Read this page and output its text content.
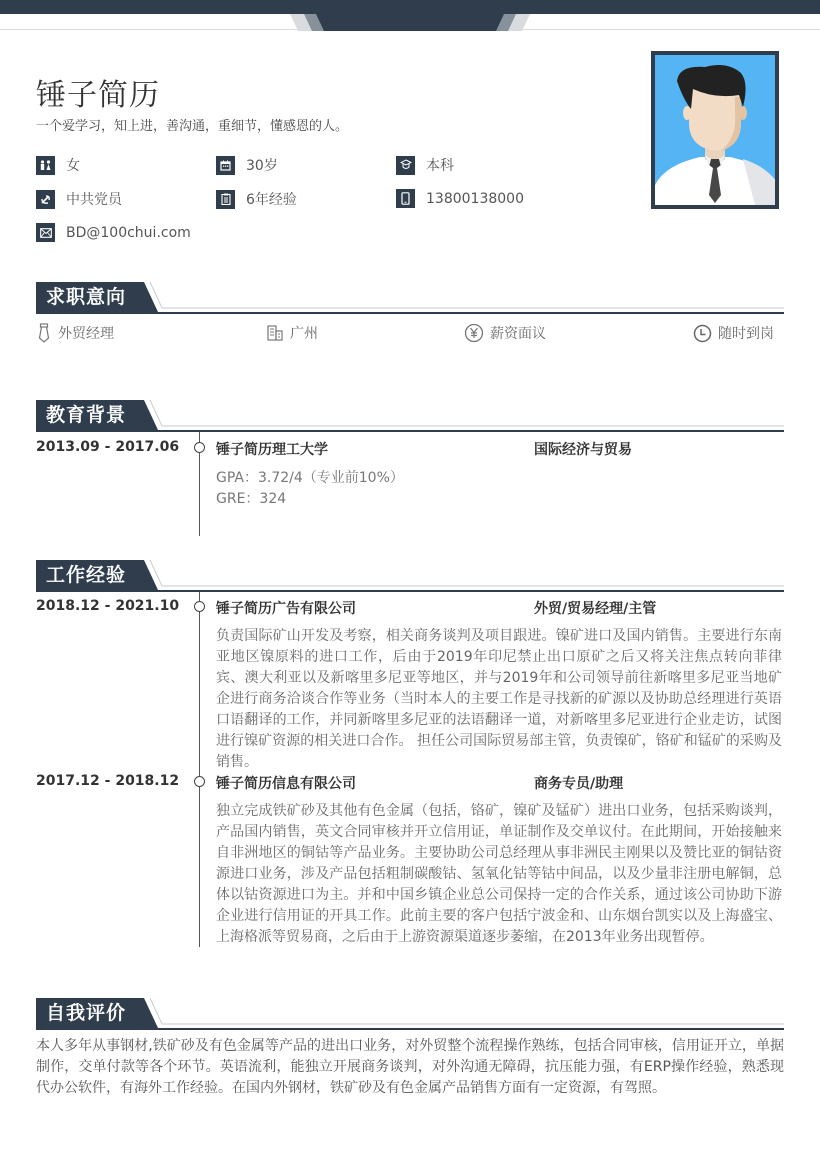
锤子简历
一个爱学习，知上进，善沟通，重细节，懂感恩的人。
女	30岁	本科
中共党员	6年经验	13800138000
BD@100chui.com
求职意向
外贸经理	广州	薪资面议	随时到岗
教育背景
2013.09 - 2017.06	锤子简历理工大学	国际经济与贸易
GPA：3.72/4（专业前10%）
GRE：324
工作经验
2018.12 - 2021.10	锤子简历广告有限公司	外贸/贸易经理/主管
负责国际矿山开发及考察，相关商务谈判及项目跟进。镍矿进口及国内销售。主要进行东南亚地区镍原料的进口工作，后由于2019年印尼禁止出口原矿之后又将关注焦点转向菲律宾、澳大利亚以及新喀里多尼亚等地区，并与2019年和公司领导前往新喀里多尼亚当地矿企进行商务洽谈合作等业务（当时本人的主要工作是寻找新的矿源以及协助总经理进行英语口语翻译的工作，并同新喀里多尼亚的法语翻译一道，对新喀里多尼亚进行企业走访，试图进行镍矿资源的相关进口合作。 担任公司国际贸易部主管，负责镍矿，铬矿和锰矿的采购及销售。
2017.12 - 2018.12	锤子简历信息有限公司	商务专员/助理
独立完成铁矿砂及其他有色金属（包括，铬矿，镍矿及锰矿）进出口业务，包括采购谈判，产品国内销售，英文合同审核并开立信用证，单证制作及交单议付。在此期间，开始接触来自非洲地区的铜钴等产品业务。主要协助公司总经理从事非洲民主刚果以及赞比亚的铜钴资源进口业务，涉及产品包括粗制碳酸钴、氢氧化钴等钴中间品，以及少量非注册电解铜，总体以钴资源进口为主。并和中国乡镇企业总公司保持一定的合作关系，通过该公司协助下游企业进行信用证的开具工作。此前主要的客户包括宁波金和、山东烟台凯实以及上海盛宝、上海格派等贸易商，之后由于上游资源渠道逐步萎缩，在2013年业务出现暂停。
自我评价
本人多年从事钢材,铁矿砂及有色金属等产品的进出口业务，对外贸整个流程操作熟练，包括合同审核，信用证开立，单据制作，交单付款等各个环节。英语流利，能独立开展商务谈判，对外沟通无障碍，抗压能力强，有ERP操作经验，熟悉现代办公软件，有海外工作经验。在国内外钢材，铁矿砂及有色金属产品销售方面有一定资源，有驾照。
